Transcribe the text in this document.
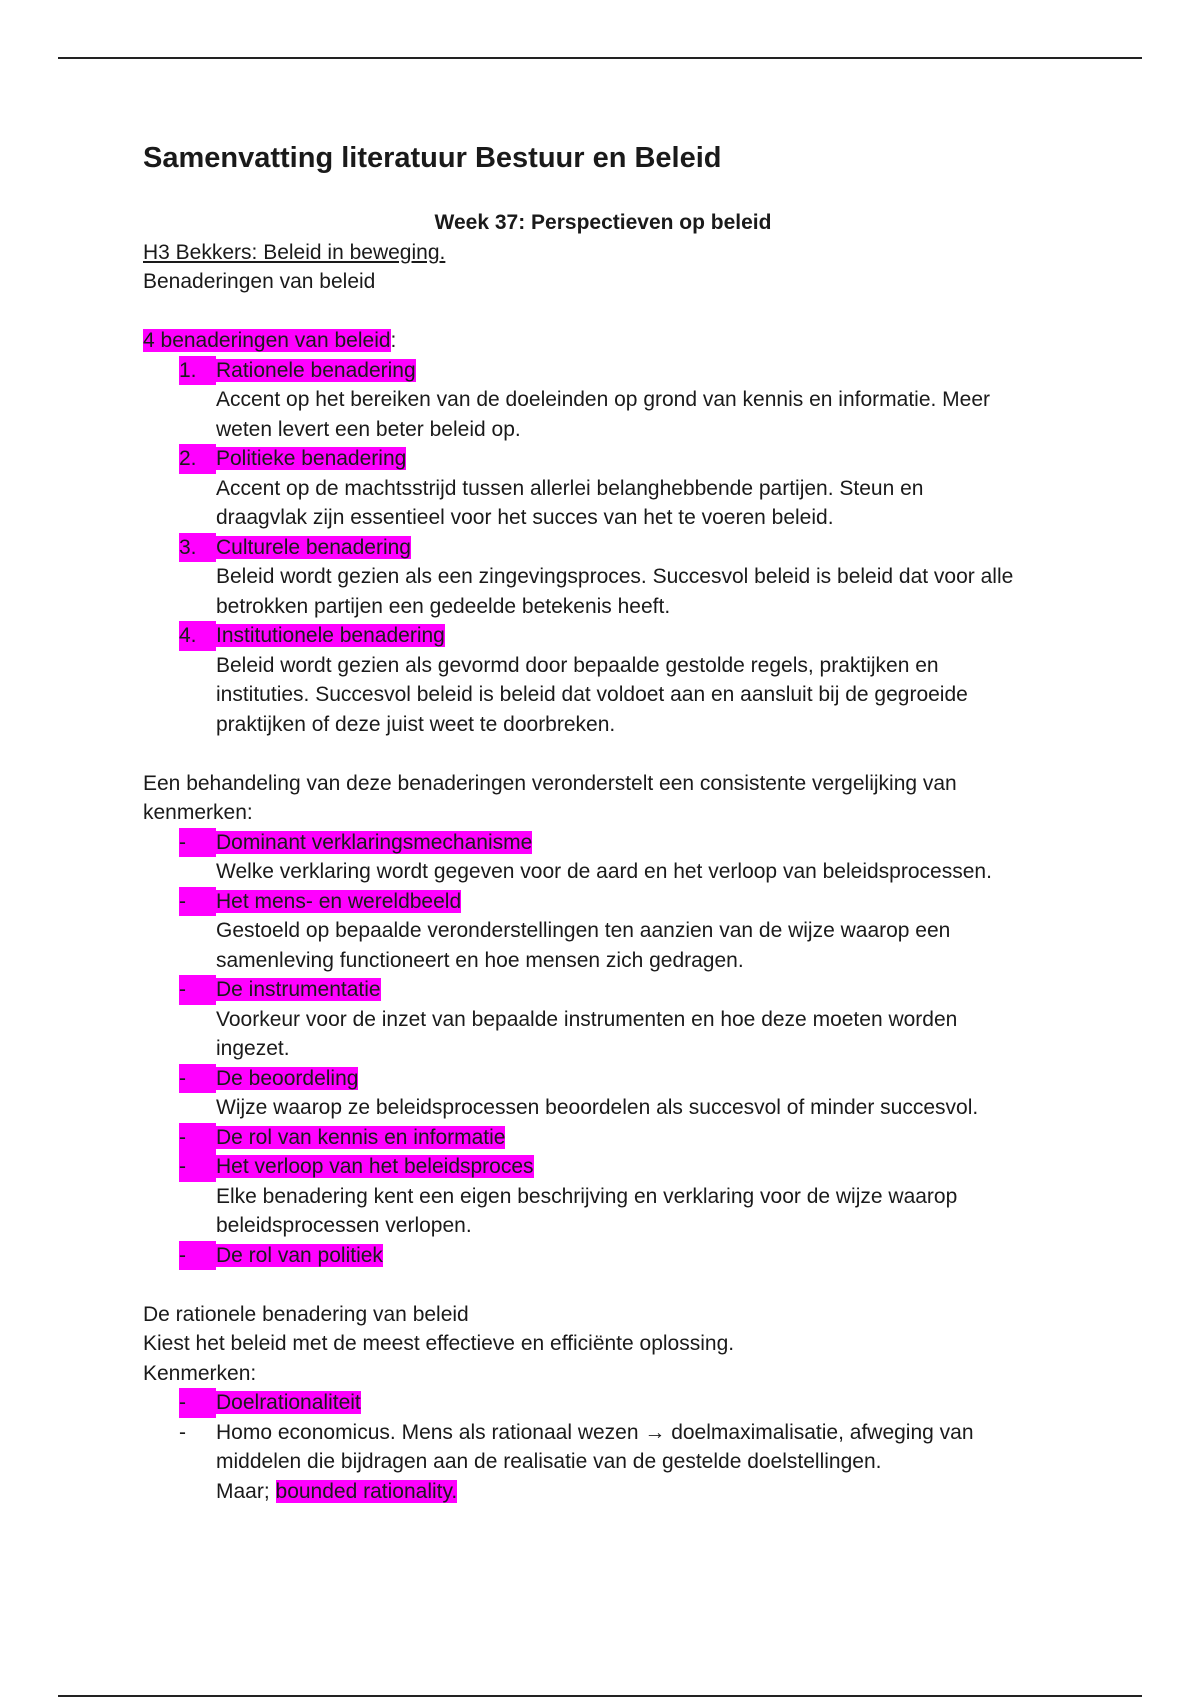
Samenvatting literatuur Bestuur en Beleid
Week 37: Perspectieven op beleid
H3 Bekkers: Beleid in beweging.
Benaderingen van beleid
4 benaderingen van beleid:
1. Rationele benadering
Accent op het bereiken van de doeleinden op grond van kennis en informatie. Meer
weten levert een beter beleid op.
2. Politieke benadering
Accent op de machtsstrijd tussen allerlei belanghebbende partijen. Steun en
draagvlak zijn essentieel voor het succes van het te voeren beleid.
3. Culturele benadering
Beleid wordt gezien als een zingevingsproces. Succesvol beleid is beleid dat voor alle
betrokken partijen een gedeelde betekenis heeft.
4. Institutionele benadering
Beleid wordt gezien als gevormd door bepaalde gestolde regels, praktijken en
instituties. Succesvol beleid is beleid dat voldoet aan en aansluit bij de gegroeide
praktijken of deze juist weet te doorbreken.
Een behandeling van deze benaderingen veronderstelt een consistente vergelijking van
kenmerken:
-	Dominant verklaringsmechanisme
Welke verklaring wordt gegeven voor de aard en het verloop van beleidsprocessen.
-	Het mens- en wereldbeeld
Gestoeld op bepaalde veronderstellingen ten aanzien van de wijze waarop een
samenleving functioneert en hoe mensen zich gedragen.
-	De instrumentatie
Voorkeur voor de inzet van bepaalde instrumenten en hoe deze moeten worden
ingezet.
-	De beoordeling
Wijze waarop ze beleidsprocessen beoordelen als succesvol of minder succesvol.
-	De rol van kennis en informatie
-	Het verloop van het beleidsproces
Elke benadering kent een eigen beschrijving en verklaring voor de wijze waarop
beleidsprocessen verlopen.
-	De rol van politiek
De rationele benadering van beleid
Kiest het beleid met de meest effectieve en efficiënte oplossing.
Kenmerken:
-	Doelrationaliteit
- Homo economicus. Mens als rationaal wezen → doelmaximalisatie, afweging van
middelen die bijdragen aan de realisatie van de gestelde doelstellingen.
Maar; bounded rationality.
